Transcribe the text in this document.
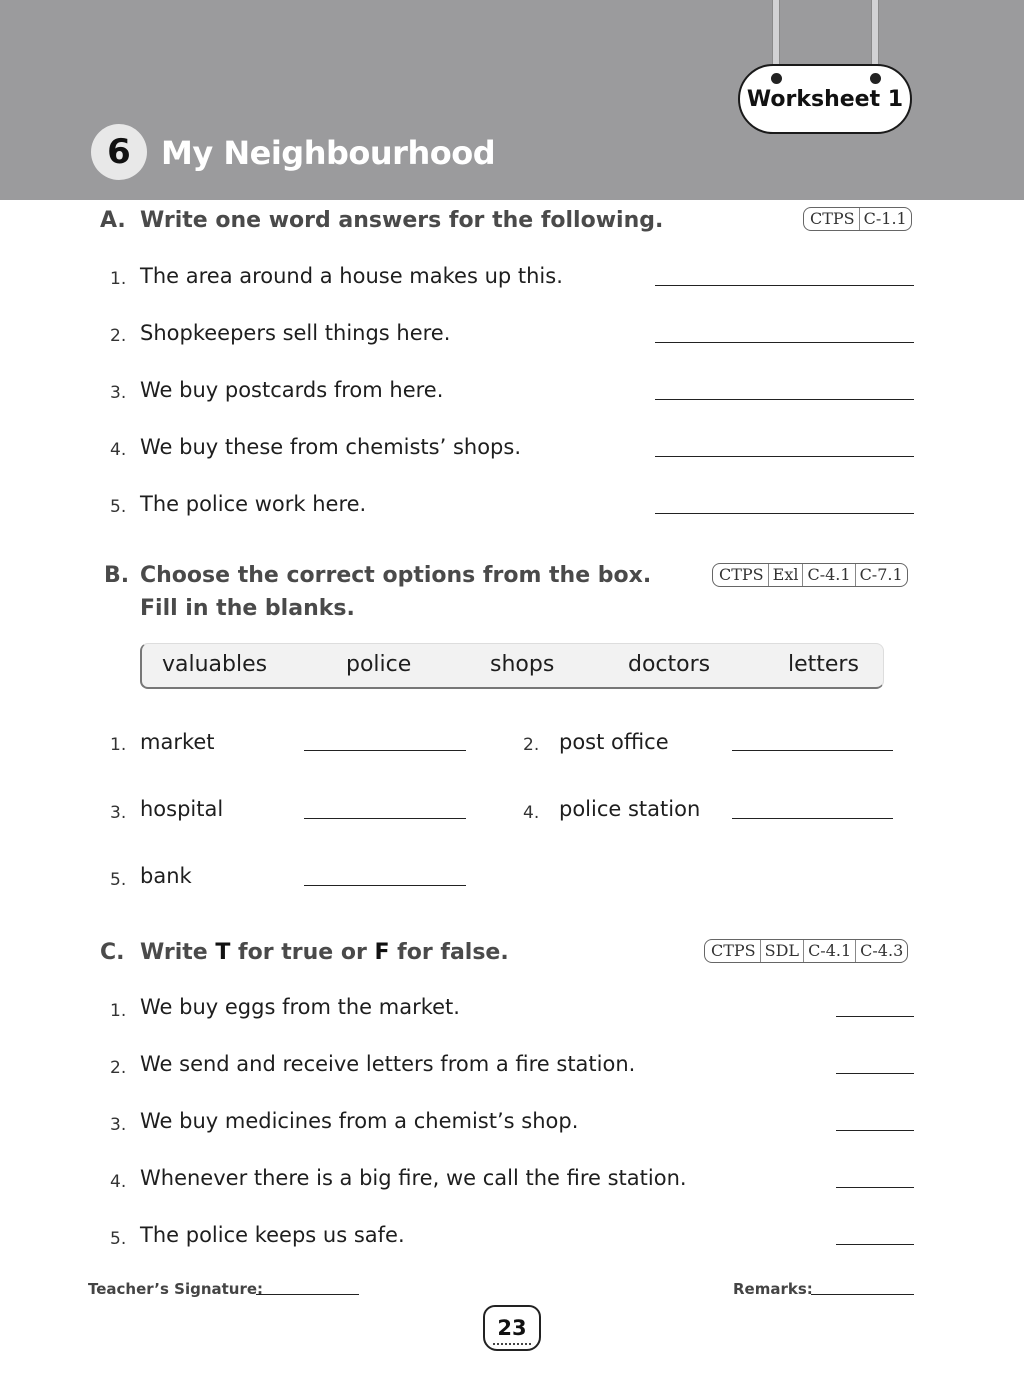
Worksheet 1
6 My Neighbourhood
A. Write one word answers for the following.	CTPS C-1.1
1. The area around a house makes up this.
2. Shopkeepers sell things here.
3. We buy postcards from here.
4. We buy these from chemists’ shops.
5. The police work here.
B. Choose the correct options from the box.
Fill in the blanks.
CTPS Exl C-4.1 C-7.1
valuables	police	shops	doctors	letters
1. market	2. post office
3. hospital	4. police station
5. bank
C. Write T for true or F for false.	CTPS SDL C-4.1 C-4.3
1. We buy eggs from the market.
2. We send and receive letters from a fire station.
3. We buy medicines from a chemist’s shop.
4. Whenever there is a big fire, we call the fire station.
5. The police keeps us safe.
Teacher’s Signature:	Remarks:
23
